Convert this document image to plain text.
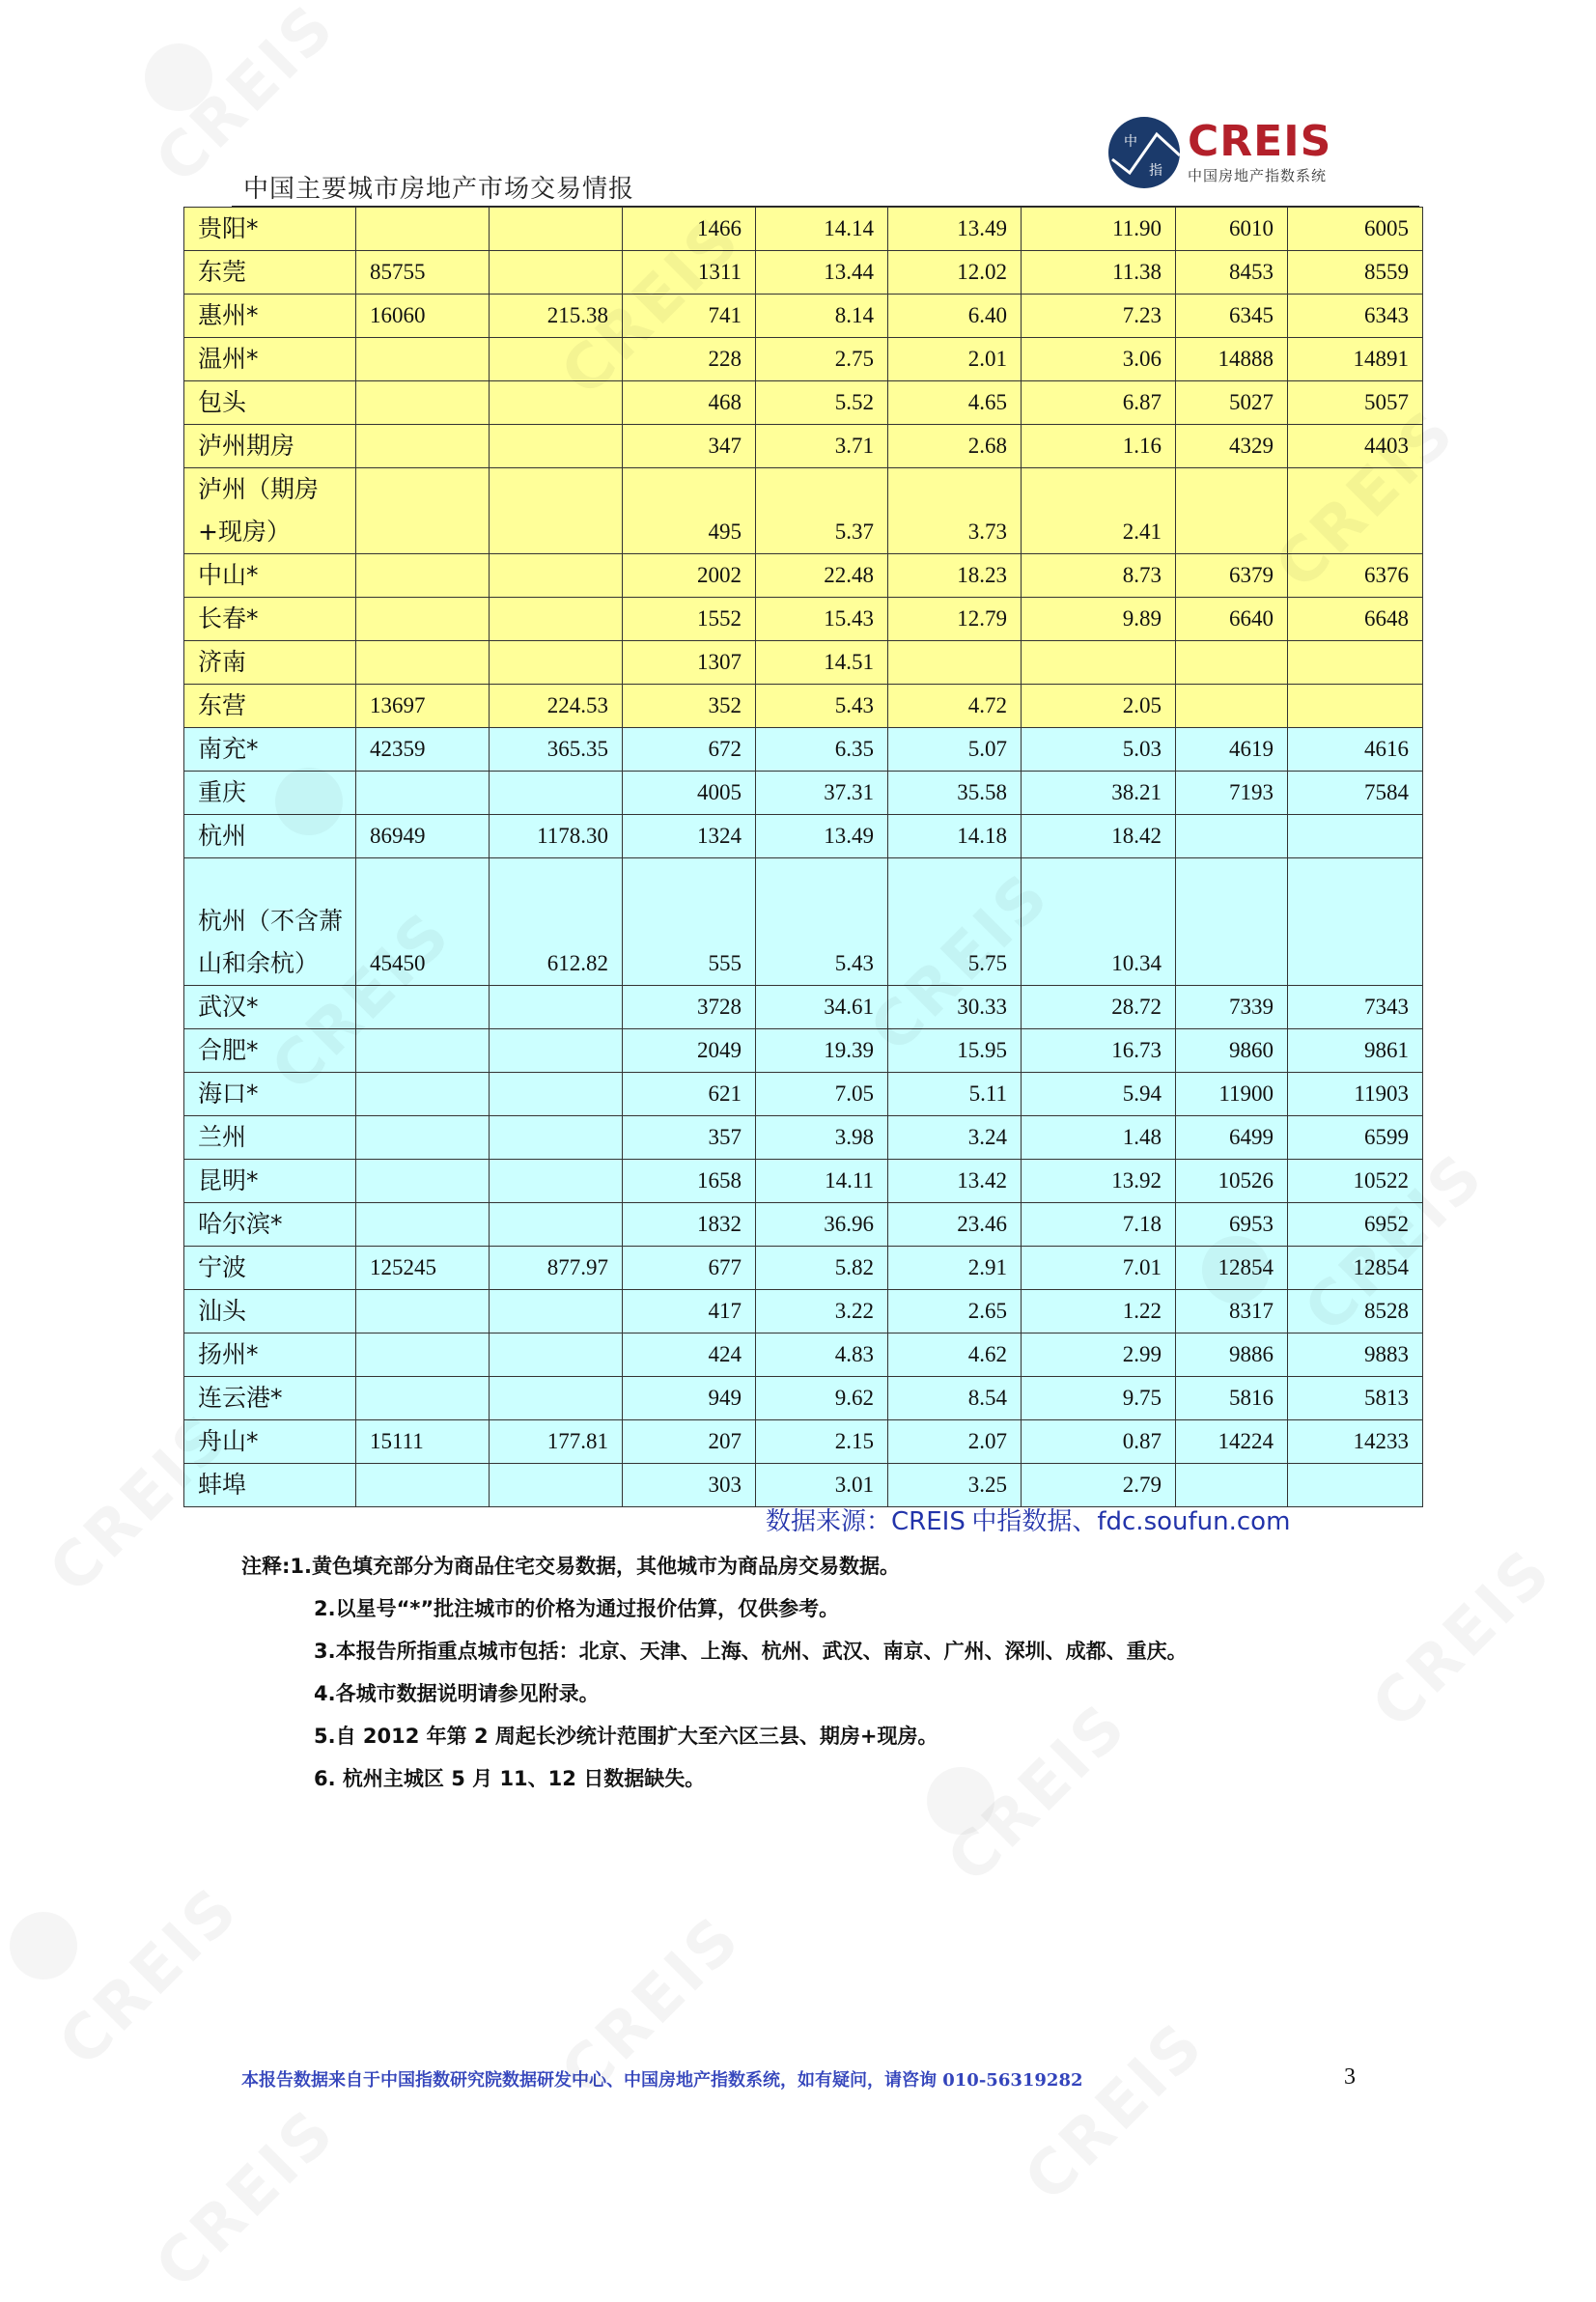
中
指
CREIS
中国房地产指数系统
中国主要城市房地产市场交易情报
贵阳*			1466	14.14	13.49	11.90	6010	6005
东莞	85755		1311	13.44	12.02	11.38	8453	8559
惠州*	16060	215.38	741	8.14	6.40	7.23	6345	6343
温州*			228	2.75	2.01	3.06	14888	14891
包头			468	5.52	4.65	6.87	5027	5057
泸州期房			347	3.71	2.68	1.16	4329	4403
泸州（期房+现房）			495	5.37	3.73	2.41		
中山*			2002	22.48	18.23	8.73	6379	6376
长春*			1552	15.43	12.79	9.89	6640	6648
济南			1307	14.51				
东营	13697	224.53	352	5.43	4.72	2.05		
南充*	42359	365.35	672	6.35	5.07	5.03	4619	4616
重庆			4005	37.31	35.58	38.21	7193	7584
杭州	86949	1178.30	1324	13.49	14.18	18.42		
杭州（不含萧山和余杭）	45450	612.82	555	5.43	5.75	10.34		
武汉*			3728	34.61	30.33	28.72	7339	7343
合肥*			2049	19.39	15.95	16.73	9860	9861
海口*			621	7.05	5.11	5.94	11900	11903
兰州			357	3.98	3.24	1.48	6499	6599
昆明*			1658	14.11	13.42	13.92	10526	10522
哈尔滨*			1832	36.96	23.46	7.18	6953	6952
宁波	125245	877.97	677	5.82	2.91	7.01	12854	12854
汕头			417	3.22	2.65	1.22	8317	8528
扬州*			424	4.83	4.62	2.99	9886	9883
连云港*			949	9.62	8.54	9.75	5816	5813
舟山*	15111	177.81	207	2.15	2.07	0.87	14224	14233
蚌埠			303	3.01	3.25	2.79		
数据来源：CREIS 中指数据、fdc.soufun.com
注释:1.黄色填充部分为商品住宅交易数据，其他城市为商品房交易数据。
2.以星号“*”批注城市的价格为通过报价估算，仅供参考。
3.本报告所指重点城市包括：北京、天津、上海、杭州、武汉、南京、广州、深圳、成都、重庆。
4.各城市数据说明请参见附录。
5.自 2012 年第 2 周起长沙统计范围扩大至六区三县、期房+现房。
6. 杭州主城区 5 月 11、12 日数据缺失。
本报告数据来自于中国指数研究院数据研发中心、中国房地产指数系统，如有疑问，请咨询 010-56319282	3
